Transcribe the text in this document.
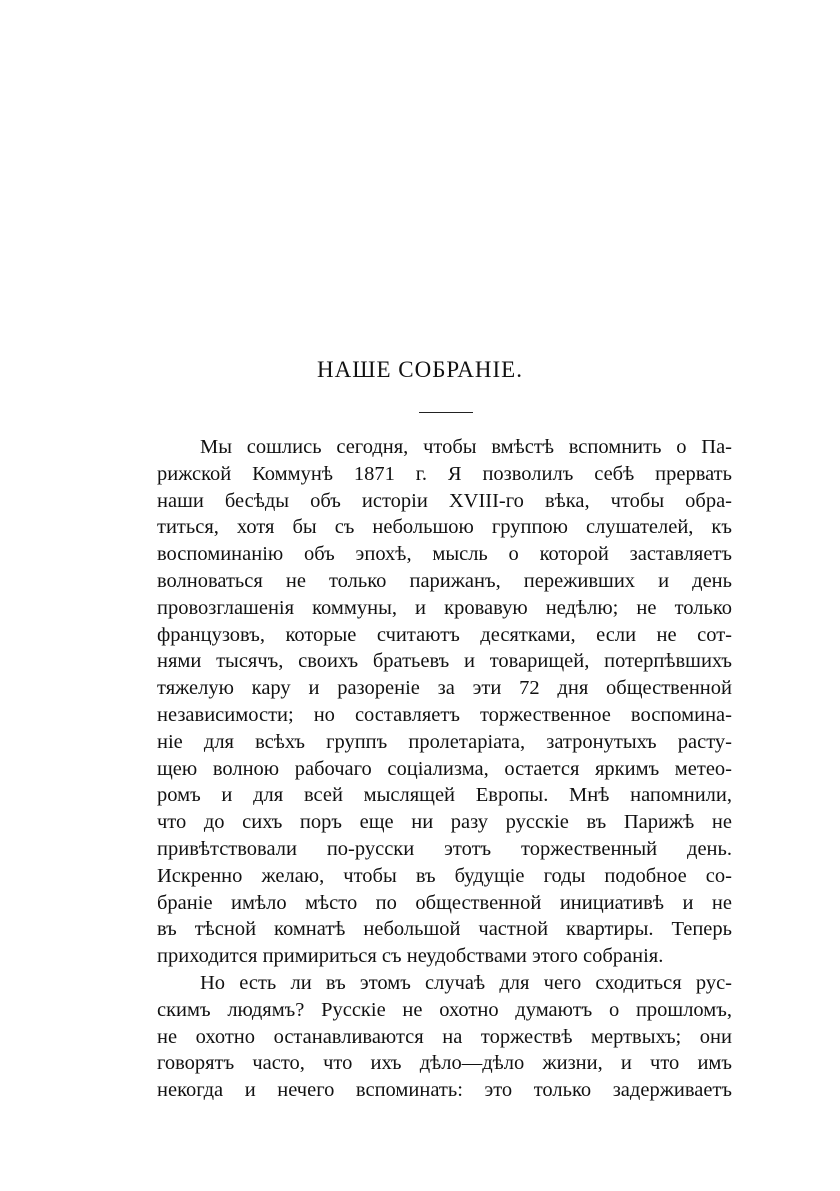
НАШЕ СОБРАНІЕ.
Мы сошлись сегодня, чтобы вмѣстѣ вспомнить о Па-
рижской Коммунѣ 1871 г. Я позволилъ себѣ прервать
наши бесѣды объ исторіи XVIII-го вѣка, чтобы обра-
титься, хотя бы съ небольшою группою слушателей, къ
воспоминанію объ эпохѣ, мысль о которой заставляетъ
волноваться не только парижанъ, переживших и день
провозглашенія коммуны, и кровавую недѣлю; не только
французовъ, которые считаютъ десятками, если не сот-
нями тысячъ, своихъ братьевъ и товарищей, потерпѣвшихъ
тяжелую кару и разореніе за эти 72 дня общественной
независимости; но составляетъ торжественное воспомина-
ніе для всѣхъ группъ пролетаріата, затронутыхъ расту-
щею волною рабочаго соціализма, остается яркимъ метео-
ромъ и для всей мыслящей Европы. Мнѣ напомнили,
что до сихъ поръ еще ни разу русскіе въ Парижѣ не
привѣтствовали по-русски этотъ торжественный день.
Искренно желаю, чтобы въ будущіе годы подобное со-
браніе имѣло мѣсто по общественной инициативѣ и не
въ тѣсной комнатѣ небольшой частной квартиры. Теперь
приходится примириться съ неудобствами этого собранія.
Но есть ли въ этомъ случаѣ для чего сходиться рус-
скимъ людямъ? Русскіе не охотно думаютъ о прошломъ,
не охотно останавливаются на торжествѣ мертвыхъ; они
говорятъ часто, что ихъ дѣло—дѣло жизни, и что имъ
некогда и нечего вспоминать: это только задерживаетъ
